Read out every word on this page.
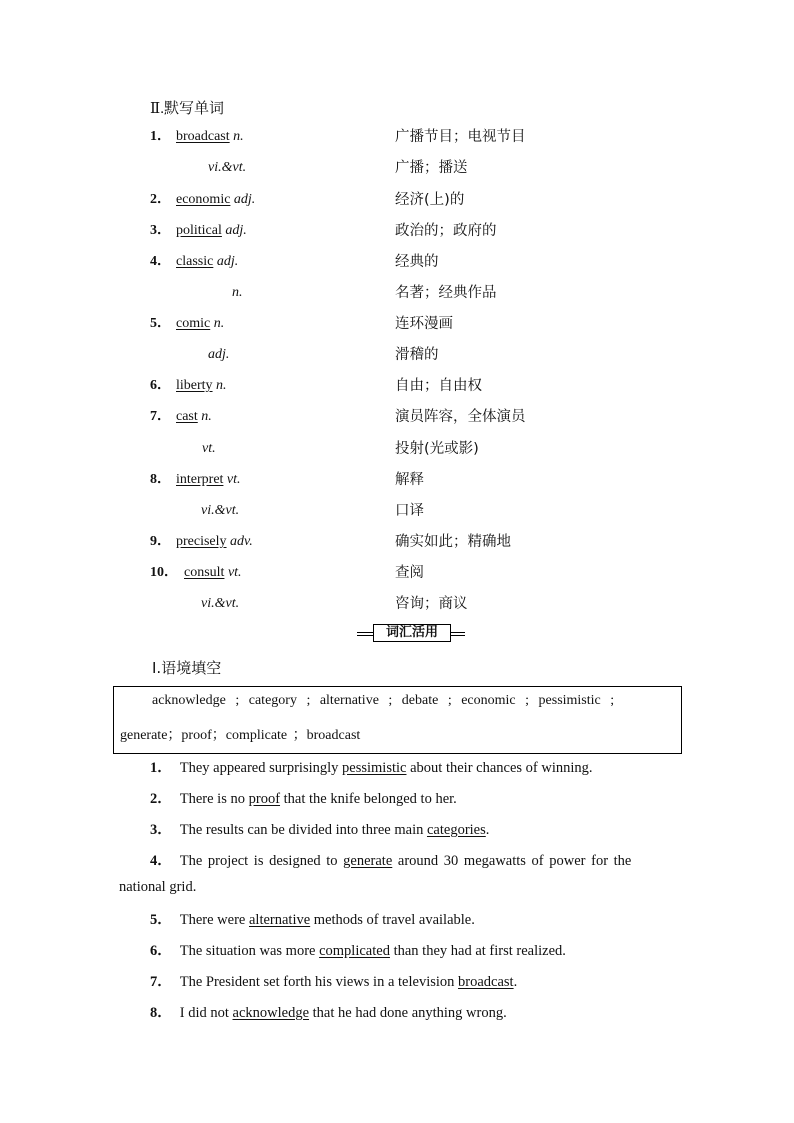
Ⅱ.默写单词
1． broadcast n.	广播节目；电视节目
vi.&vt.	广播；播送
2． economic adj.	经济(上)的
3． political adj.	政治的；政府的
4． classic adj.	经典的
n.	名著；经典作品
5． comic n.	连环漫画
adj.	滑稽的
6． liberty n.	自由；自由权
7． cast n.	演员阵容，全体演员
vt.	投射(光或影)
8． interpret vt.	解释
vi.&vt.	口译
9． precisely adv.	确实如此；精确地
10． consult vt.	查阅
vi.&vt.	咨询；商议
词汇活用
Ⅰ.语境填空
acknowledge ; category ; alternative ; debate ; economic ; pessimistic ;
generate；proof；complicate ；broadcast
1． They appeared surprisingly pessimistic about their chances of winning.
2． There is no proof that the knife belonged to her.
3． The results can be divided into three main categories.
4． The project is designed to generate around 30 megawatts of power for the
national grid.
5． There were alternative methods of travel available.
6． The situation was more complicated than they had at first realized.
7． The President set forth his views in a television broadcast.
8． I did not acknowledge that he had done anything wrong.
